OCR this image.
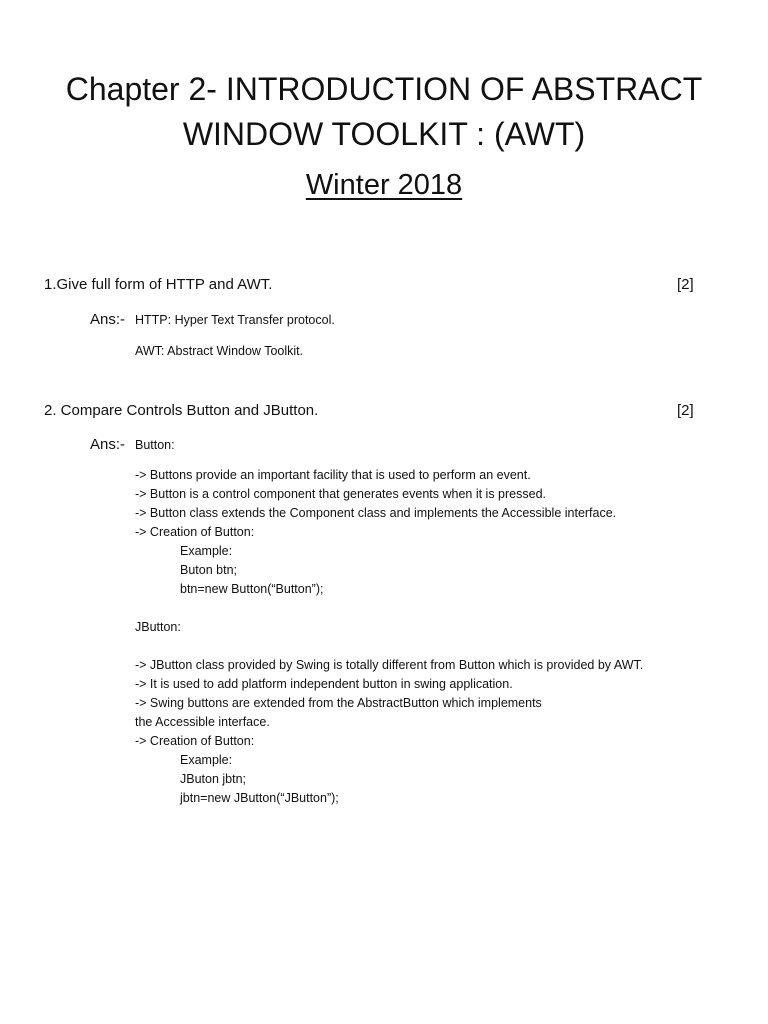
Chapter 2- INTRODUCTION OF ABSTRACT
WINDOW TOOLKIT : (AWT)
Winter 2018
1.Give full form of HTTP and AWT.	[2]
Ans:- HTTP: Hyper Text Transfer protocol.
AWT: Abstract Window Toolkit.
2. Compare Controls Button and JButton.	[2]
Ans:- Button:
-> Buttons provide an important facility that is used to perform an event.
-> Button is a control component that generates events when it is pressed.
-> Button class extends the Component class and implements the Accessible interface.
-> Creation of Button:
Example:
Buton btn;
btn=new Button(“Button”);
JButton:
-> JButton class provided by Swing is totally different from Button which is provided by AWT.
-> It is used to add platform independent button in swing application.
-> Swing buttons are extended from the AbstractButton which implements
the Accessible interface.
-> Creation of Button:
Example:
JButon jbtn;
jbtn=new JButton(“JButton”);
